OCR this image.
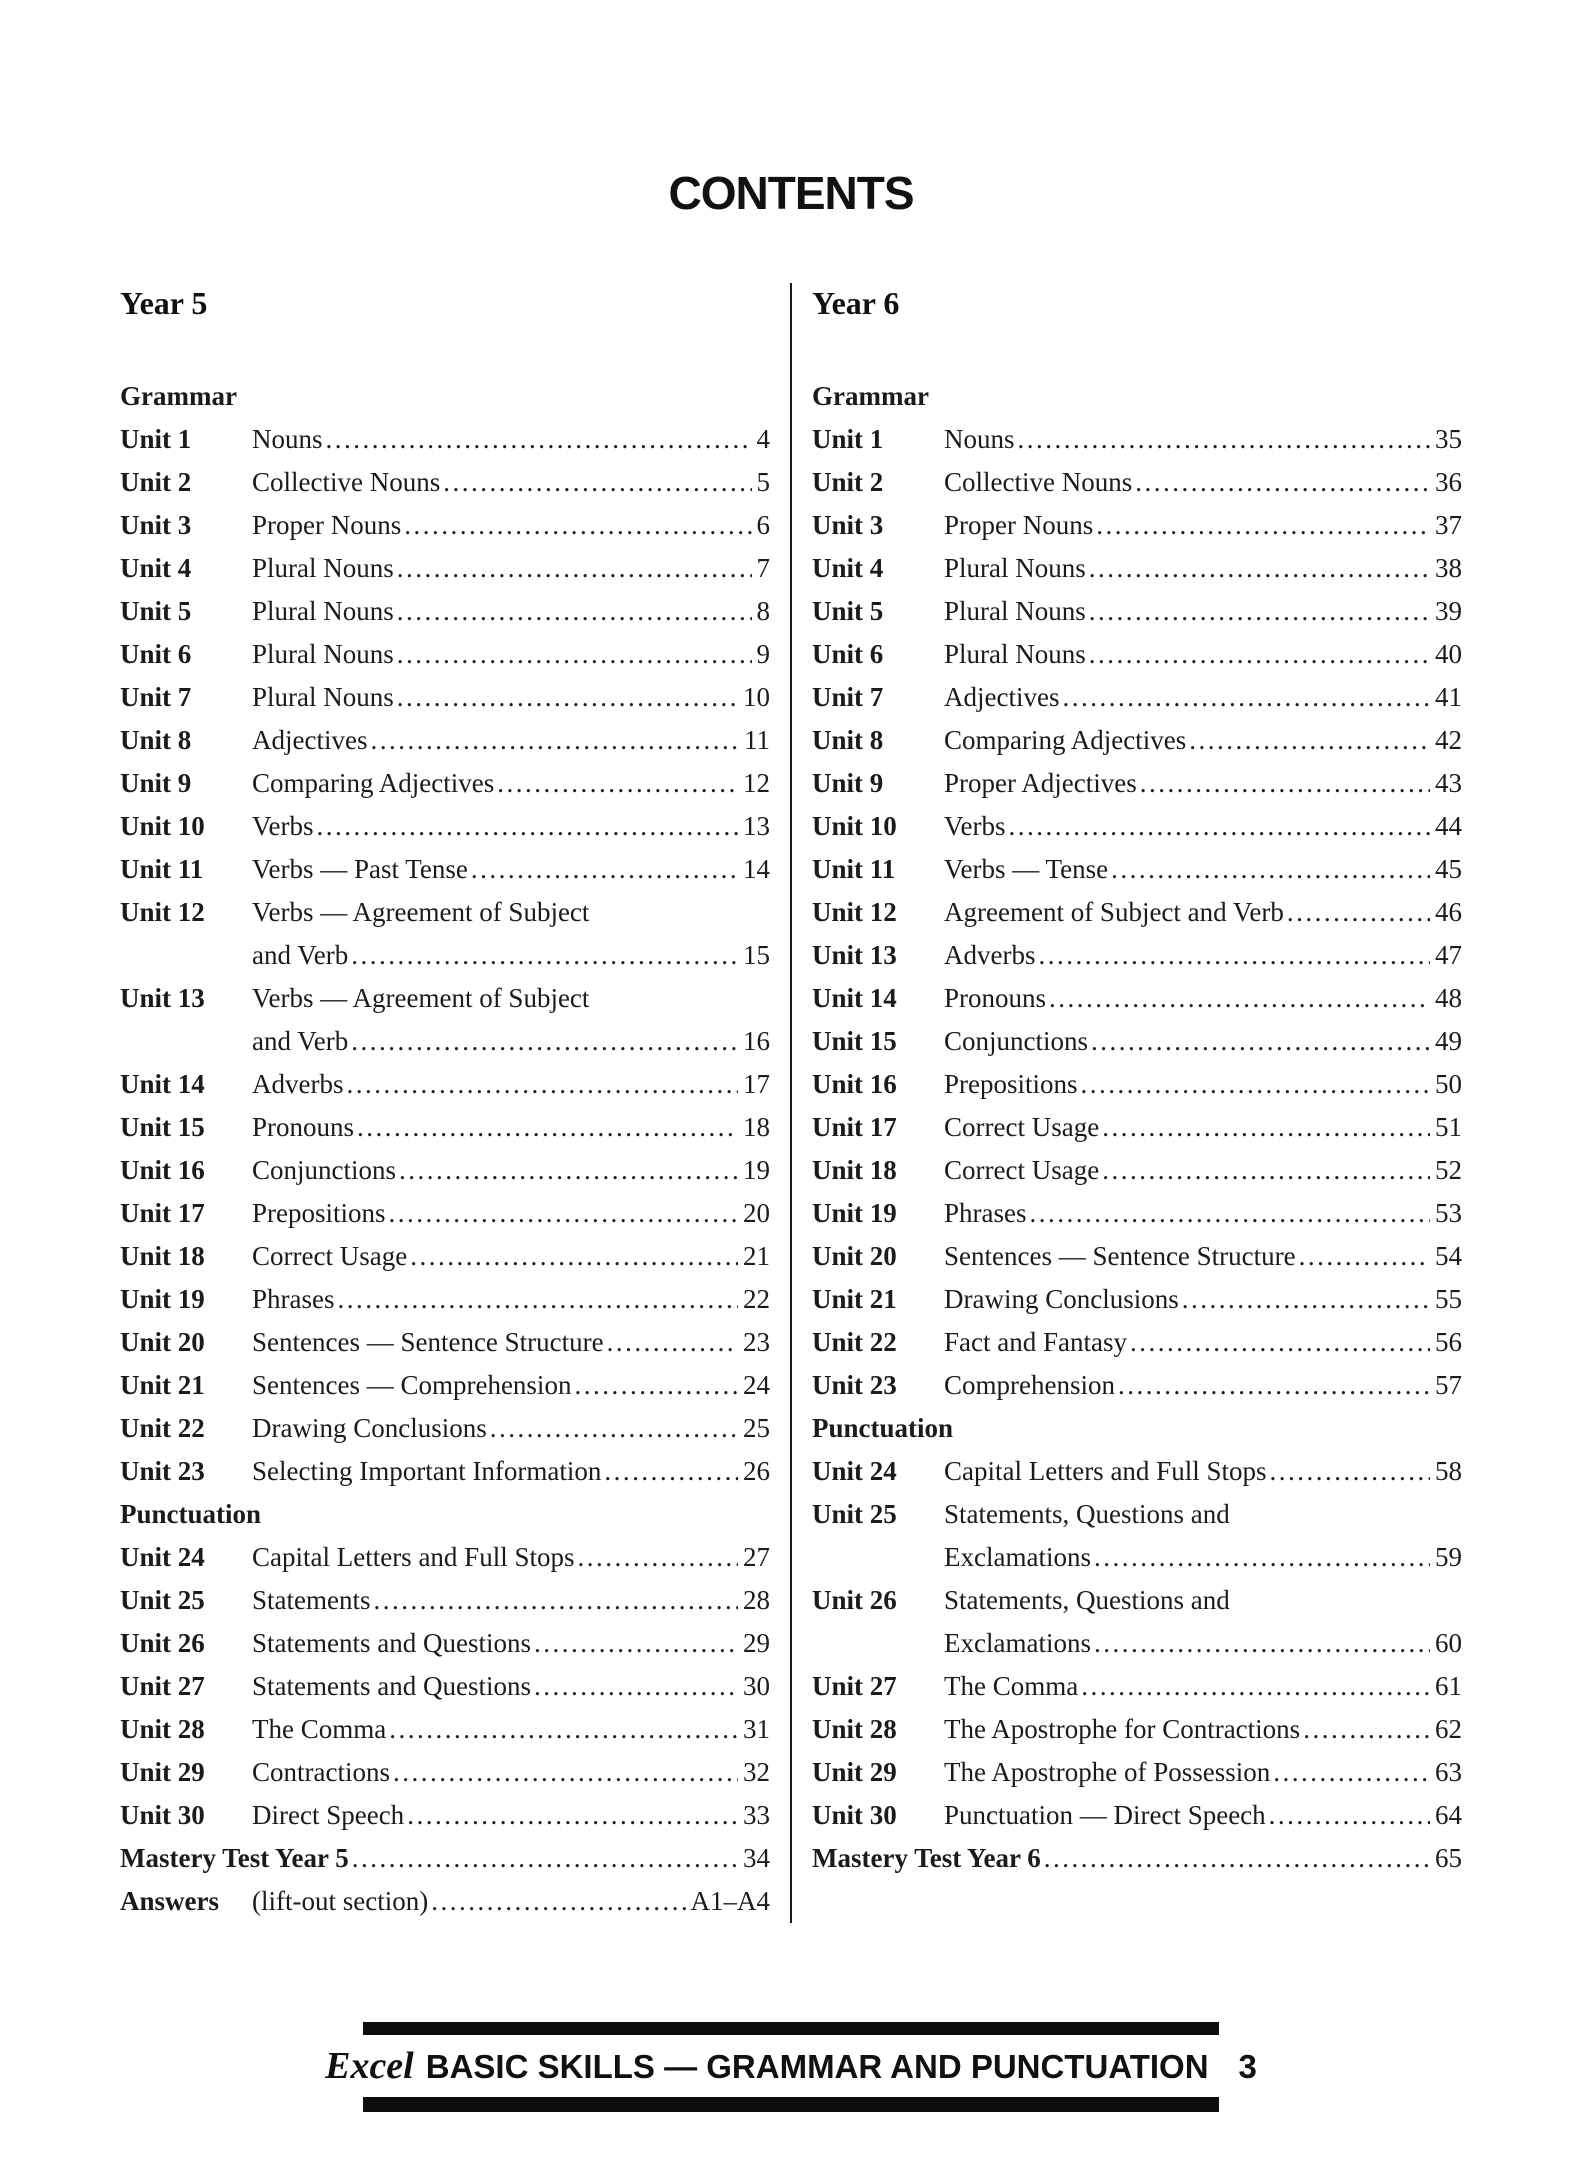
CONTENTS
Year 5
Grammar
Unit 1	Nouns .....	4
Unit 2	Collective Nouns .....	5
Unit 3	Proper Nouns .....	6
Unit 4	Plural Nouns .....	7
Unit 5	Plural Nouns .....	8
Unit 6	Plural Nouns .....	9
Unit 7	Plural Nouns .....	10
Unit 8	Adjectives .....	11
Unit 9	Comparing Adjectives .....	12
Unit 10	Verbs .....	13
Unit 11	Verbs — Past Tense .....	14
Unit 12	Verbs — Agreement of Subject

and Verb .....	15
Unit 13	Verbs — Agreement of Subject

and Verb .....	16
Unit 14	Adverbs .....	17
Unit 15	Pronouns .....	18
Unit 16	Conjunctions .....	19
Unit 17	Prepositions .....	20
Unit 18	Correct Usage .....	21
Unit 19	Phrases .....	22
Unit 20	Sentences — Sentence Structure .....	23
Unit 21	Sentences — Comprehension .....	24
Unit 22	Drawing Conclusions .....	25
Unit 23	Selecting Important Information .....	26
Punctuation
Unit 24	Capital Letters and Full Stops .....	27
Unit 25	Statements .....	28
Unit 26	Statements and Questions .....	29
Unit 27	Statements and Questions .....	30
Unit 28	The Comma .....	31
Unit 29	Contractions .....	32
Unit 30	Direct Speech .....	33
Mastery Test Year 5 .....	34
Answers	(lift-out section) .....	A1–A4
Year 6
Grammar
Unit 1	Nouns .....	35
Unit 2	Collective Nouns .....	36
Unit 3	Proper Nouns .....	37
Unit 4	Plural Nouns .....	38
Unit 5	Plural Nouns .....	39
Unit 6	Plural Nouns .....	40
Unit 7	Adjectives .....	41
Unit 8	Comparing Adjectives .....	42
Unit 9	Proper Adjectives .....	43
Unit 10	Verbs .....	44
Unit 11	Verbs — Tense .....	45
Unit 12	Agreement of Subject and Verb .....	46
Unit 13	Adverbs .....	47
Unit 14	Pronouns .....	48
Unit 15	Conjunctions .....	49
Unit 16	Prepositions .....	50
Unit 17	Correct Usage .....	51
Unit 18	Correct Usage .....	52
Unit 19	Phrases .....	53
Unit 20	Sentences — Sentence Structure .....	54
Unit 21	Drawing Conclusions .....	55
Unit 22	Fact and Fantasy .....	56
Unit 23	Comprehension .....	57
Punctuation
Unit 24	Capital Letters and Full Stops .....	58
Unit 25	Statements, Questions and

Exclamations .....	59
Unit 26	Statements, Questions and

Exclamations .....	60
Unit 27	The Comma .....	61
Unit 28	The Apostrophe for Contractions .....	62
Unit 29	The Apostrophe of Possession .....	63
Unit 30	Punctuation — Direct Speech .....	64
Mastery Test Year 6 .....	65
Excel BASIC SKILLS — GRAMMAR AND PUNCTUATION 3
